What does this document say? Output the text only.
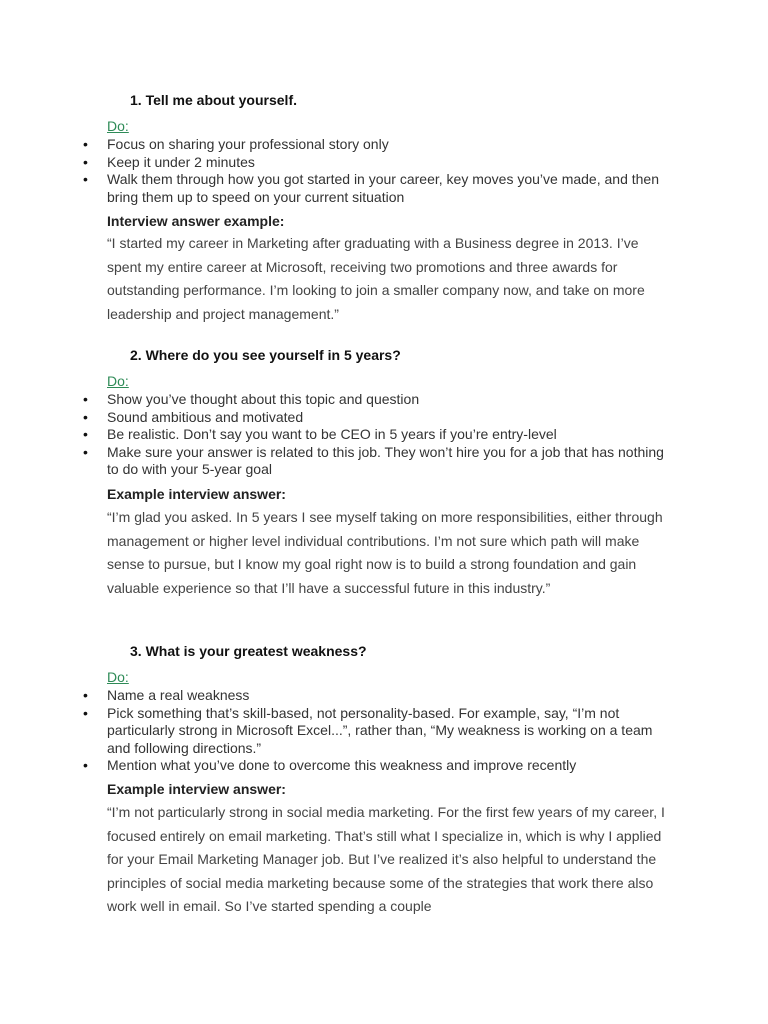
1. Tell me about yourself.
Do:
• Focus on sharing your professional story only
• Keep it under 2 minutes
• Walk them through how you got started in your career, key moves you’ve made, and then bring them up to speed on your current situation
Interview answer example:
“I started my career in Marketing after graduating with a Business degree in 2013. I’ve spent my entire career at Microsoft, receiving two promotions and three awards for outstanding performance. I’m looking to join a smaller company now, and take on more leadership and project management.”
2. Where do you see yourself in 5 years?
Do:
• Show you’ve thought about this topic and question
• Sound ambitious and motivated
• Be realistic. Don’t say you want to be CEO in 5 years if you’re entry-level
• Make sure your answer is related to this job. They won’t hire you for a job that has nothing to do with your 5-year goal
Example interview answer:
“I’m glad you asked. In 5 years I see myself taking on more responsibilities, either through management or higher level individual contributions. I’m not sure which path will make sense to pursue, but I know my goal right now is to build a strong foundation and gain valuable experience so that I’ll have a successful future in this industry.”
3. What is your greatest weakness?
Do:
• Name a real weakness
• Pick something that’s skill-based, not personality-based. For example, say, “I’m not particularly strong in Microsoft Excel...”, rather than, “My weakness is working on a team and following directions.”
• Mention what you’ve done to overcome this weakness and improve recently
Example interview answer:
“I’m not particularly strong in social media marketing. For the first few years of my career, I focused entirely on email marketing. That’s still what I specialize in, which is why I applied for your Email Marketing Manager job. But I’ve realized it’s also helpful to understand the principles of social media marketing because some of the strategies that work there also work well in email. So I’ve started spending a couple
